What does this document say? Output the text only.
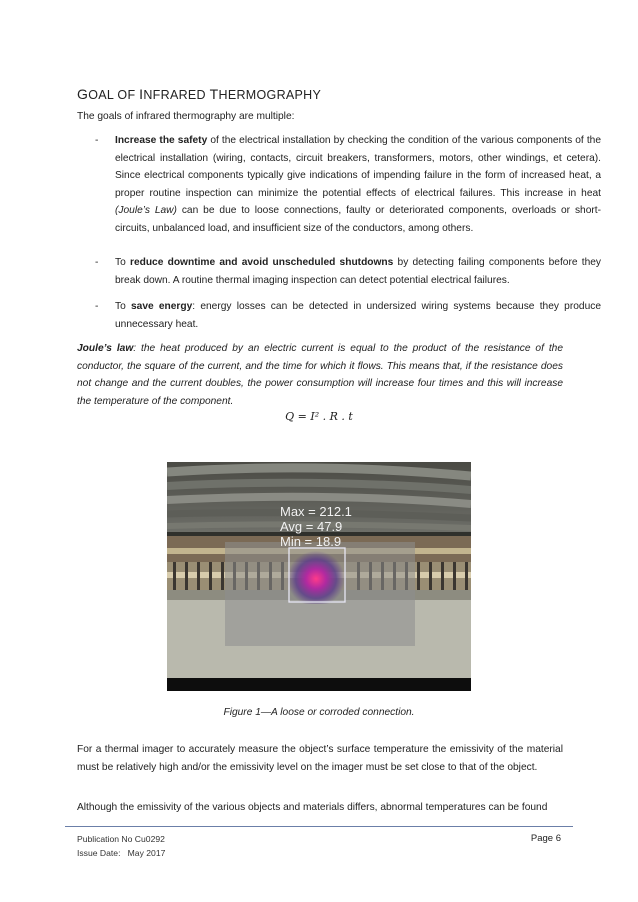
GOAL OF INFRARED THERMOGRAPHY
The goals of infrared thermography are multiple:
- Increase the safety of the electrical installation by checking the condition of the various components of the electrical installation (wiring, contacts, circuit breakers, transformers, motors, other windings, et cetera). Since electrical components typically give indications of impending failure in the form of increased heat, a proper routine inspection can minimize the potential effects of electrical failures. This increase in heat (Joule’s Law) can be due to loose connections, faulty or deteriorated components, overloads or short-circuits, unbalanced load, and insufficient size of the conductors, among others.
- To reduce downtime and avoid unscheduled shutdowns by detecting failing components before they break down. A routine thermal imaging inspection can detect potential electrical failures.
- To save energy: energy losses can be detected in undersized wiring systems because they produce unnecessary heat.
Joule’s law: the heat produced by an electric current is equal to the product of the resistance of the conductor, the square of the current, and the time for which it flows. This means that, if the resistance does not change and the current doubles, the power consumption will increase four times and this will increase the temperature of the component.
Q = I² . R . t
Max = 212.1
Avg = 47.9
Min = 18.9
Figure 1—A loose or corroded connection.
For a thermal imager to accurately measure the object’s surface temperature the emissivity of the material must be relatively high and/or the emissivity level on the imager must be set close to that of the object.
Although the emissivity of the various objects and materials differs, abnormal temperatures can be found
Publication No Cu0292
Issue Date: May 2017
Page 6
